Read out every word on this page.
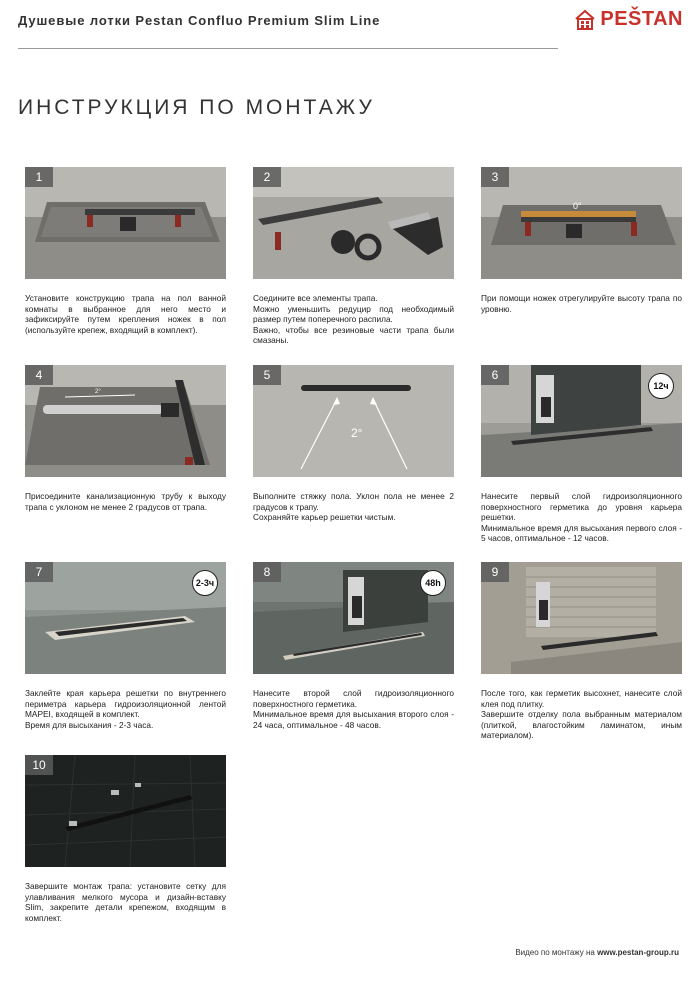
Душевые лотки Pestan Confluo Premium Slim Line	PEŠTAN
ИНСТРУКЦИЯ ПО МОНТАЖУ
1

Установите конструкцию трапа на пол ванной комнаты в выбранное для него место и зафиксируйте путем крепления ножек в пол (используйте крепеж, входящий в комплект).

2

Соедините все элементы трапа.

Можно уменьшить редуцир под необходимый размер путем поперечного распила.

Важно, чтобы все резиновые части трапа были смазаны.

0°
3

При помощи ножек отрегулируйте высоту трапа по уровню.

2°
4

Присоедините канализационную трубу к выходу трапа с уклоном не менее 2 градусов от трапа.

2°
5

Выполните стяжку пола. Уклон пола не менее 2 градусов к трапу.

Сохраняйте карьер решетки чистым.

6
12ч

Нанесите первый слой гидроизоляционного поверхностного герметика до уровня карьера решетки.

Минимальное время для высыхания первого слоя - 5 часов, оптимальное - 12 часов.

7
2-3ч

Заклейте края карьера решетки по внутреннего периметра карьера гидроизоляционной лентой MAPEI, входящей в комплект.

Время для высыхания - 2-3 часа.

8
48h

Нанесите второй слой гидроизоляционного поверхностного герметика.

Минимальное время для высыхания второго слоя - 24 часа, оптимальное - 48 часов.

9

После того, как герметик высохнет, нанесите слой клея под плитку.

Завершите отделку пола выбранным материалом (плиткой, влагостойким ламинатом, иным материалом).

10

Завершите монтаж трапа: установите сетку для улавливания мелкого мусора и дизайн-вставку Slim, закрепите детали крепежом, входящим в комплект.

Видео по монтажу на www.pestan-group.ru
